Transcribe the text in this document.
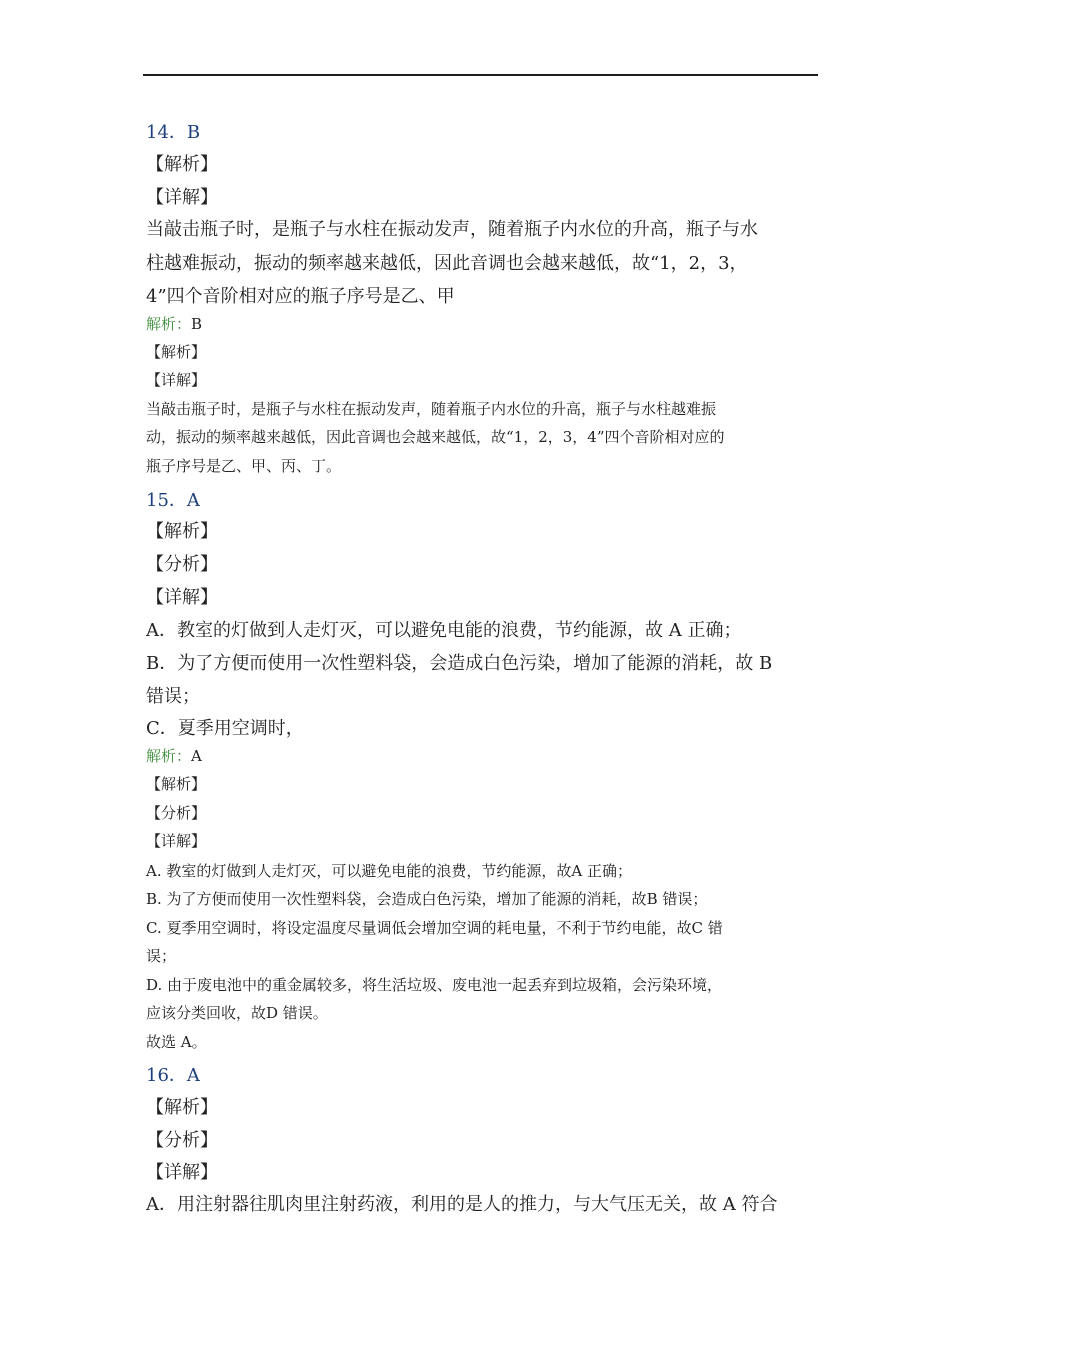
14．B
【解析】
【详解】
当敲击瓶子时，是瓶子与水柱在振动发声，随着瓶子内水位的升高，瓶子与水
柱越难振动，振动的频率越来越低，因此音调也会越来越低，故“1，2，3，
4”四个音阶相对应的瓶子序号是乙、甲
解析：B
【解析】
【详解】
当敲击瓶子时，是瓶子与水柱在振动发声，随着瓶子内水位的升高，瓶子与水柱越难振
动，振动的频率越来越低，因此音调也会越来越低，故“1，2，3，4”四个音阶相对应的
瓶子序号是乙、甲、丙、丁。
15．A
【解析】
【分析】
【详解】
A．教室的灯做到人走灯灭，可以避免电能的浪费，节约能源，故 A 正确；
B．为了方便而使用一次性塑料袋，会造成白色污染，增加了能源的消耗，故 B
错误；
C．夏季用空调时，
解析：A
【解析】
【分析】
【详解】
A. 教室的灯做到人走灯灭，可以避免电能的浪费，节约能源，故A 正确；
B. 为了方便而使用一次性塑料袋，会造成白色污染，增加了能源的消耗，故B 错误；
C. 夏季用空调时，将设定温度尽量调低会增加空调的耗电量，不利于节约电能，故C 错
误；
D. 由于废电池中的重金属较多，将生活垃圾、废电池一起丢弃到垃圾箱，会污染环境，
应该分类回收，故D 错误。
故选 A。
16．A
【解析】
【分析】
【详解】
A．用注射器往肌肉里注射药液，利用的是人的推力，与大气压无关，故 A 符合
